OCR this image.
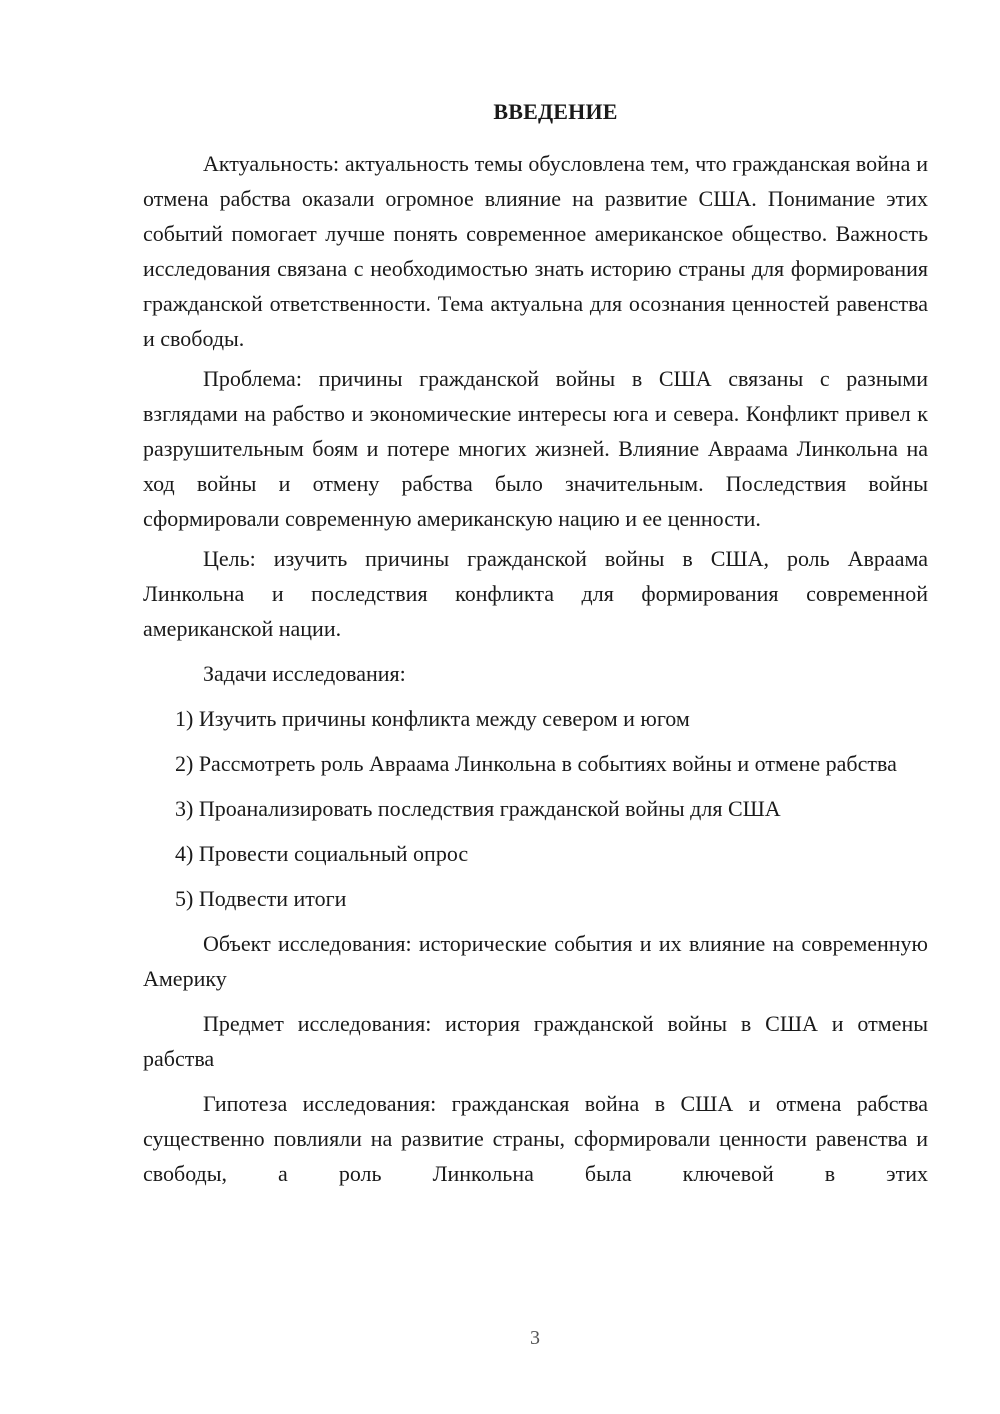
ВВЕДЕНИЕ

Актуальность: актуальность темы обусловлена тем, что гражданская война и отмена рабства оказали огромное влияние на развитие США. Понимание этих событий помогает лучше понять современное американское общество. Важность исследования связана с необходимостью знать историю страны для формирования гражданской ответственности. Тема актуальна для осознания ценностей равенства и свободы.

Проблема: причины гражданской войны в США связаны с разными взглядами на рабство и экономические интересы юга и севера. Конфликт привел к разрушительным боям и потере многих жизней. Влияние Авраама Линкольна на ход войны и отмену рабства было значительным. Последствия войны сформировали современную американскую нацию и ее ценности.

Цель: изучить причины гражданской войны в США, роль Авраама Линкольна и последствия конфликта для формирования современной американской нации.

Задачи исследования:

1) Изучить причины конфликта между севером и югом

2) Рассмотреть роль Авраама Линкольна в событиях войны и отмене рабства

3) Проанализировать последствия гражданской войны для США

4) Провести социальный опрос

5) Подвести итоги

Объект исследования: исторические события и их влияние на современную Америку

Предмет исследования: история гражданской войны в США и отмены рабства

Гипотеза исследования: гражданская война в США и отмена рабства существенно повлияли на развитие страны, сформировали ценности равенства и свободы, а роль Линкольна была ключевой в этих

3
